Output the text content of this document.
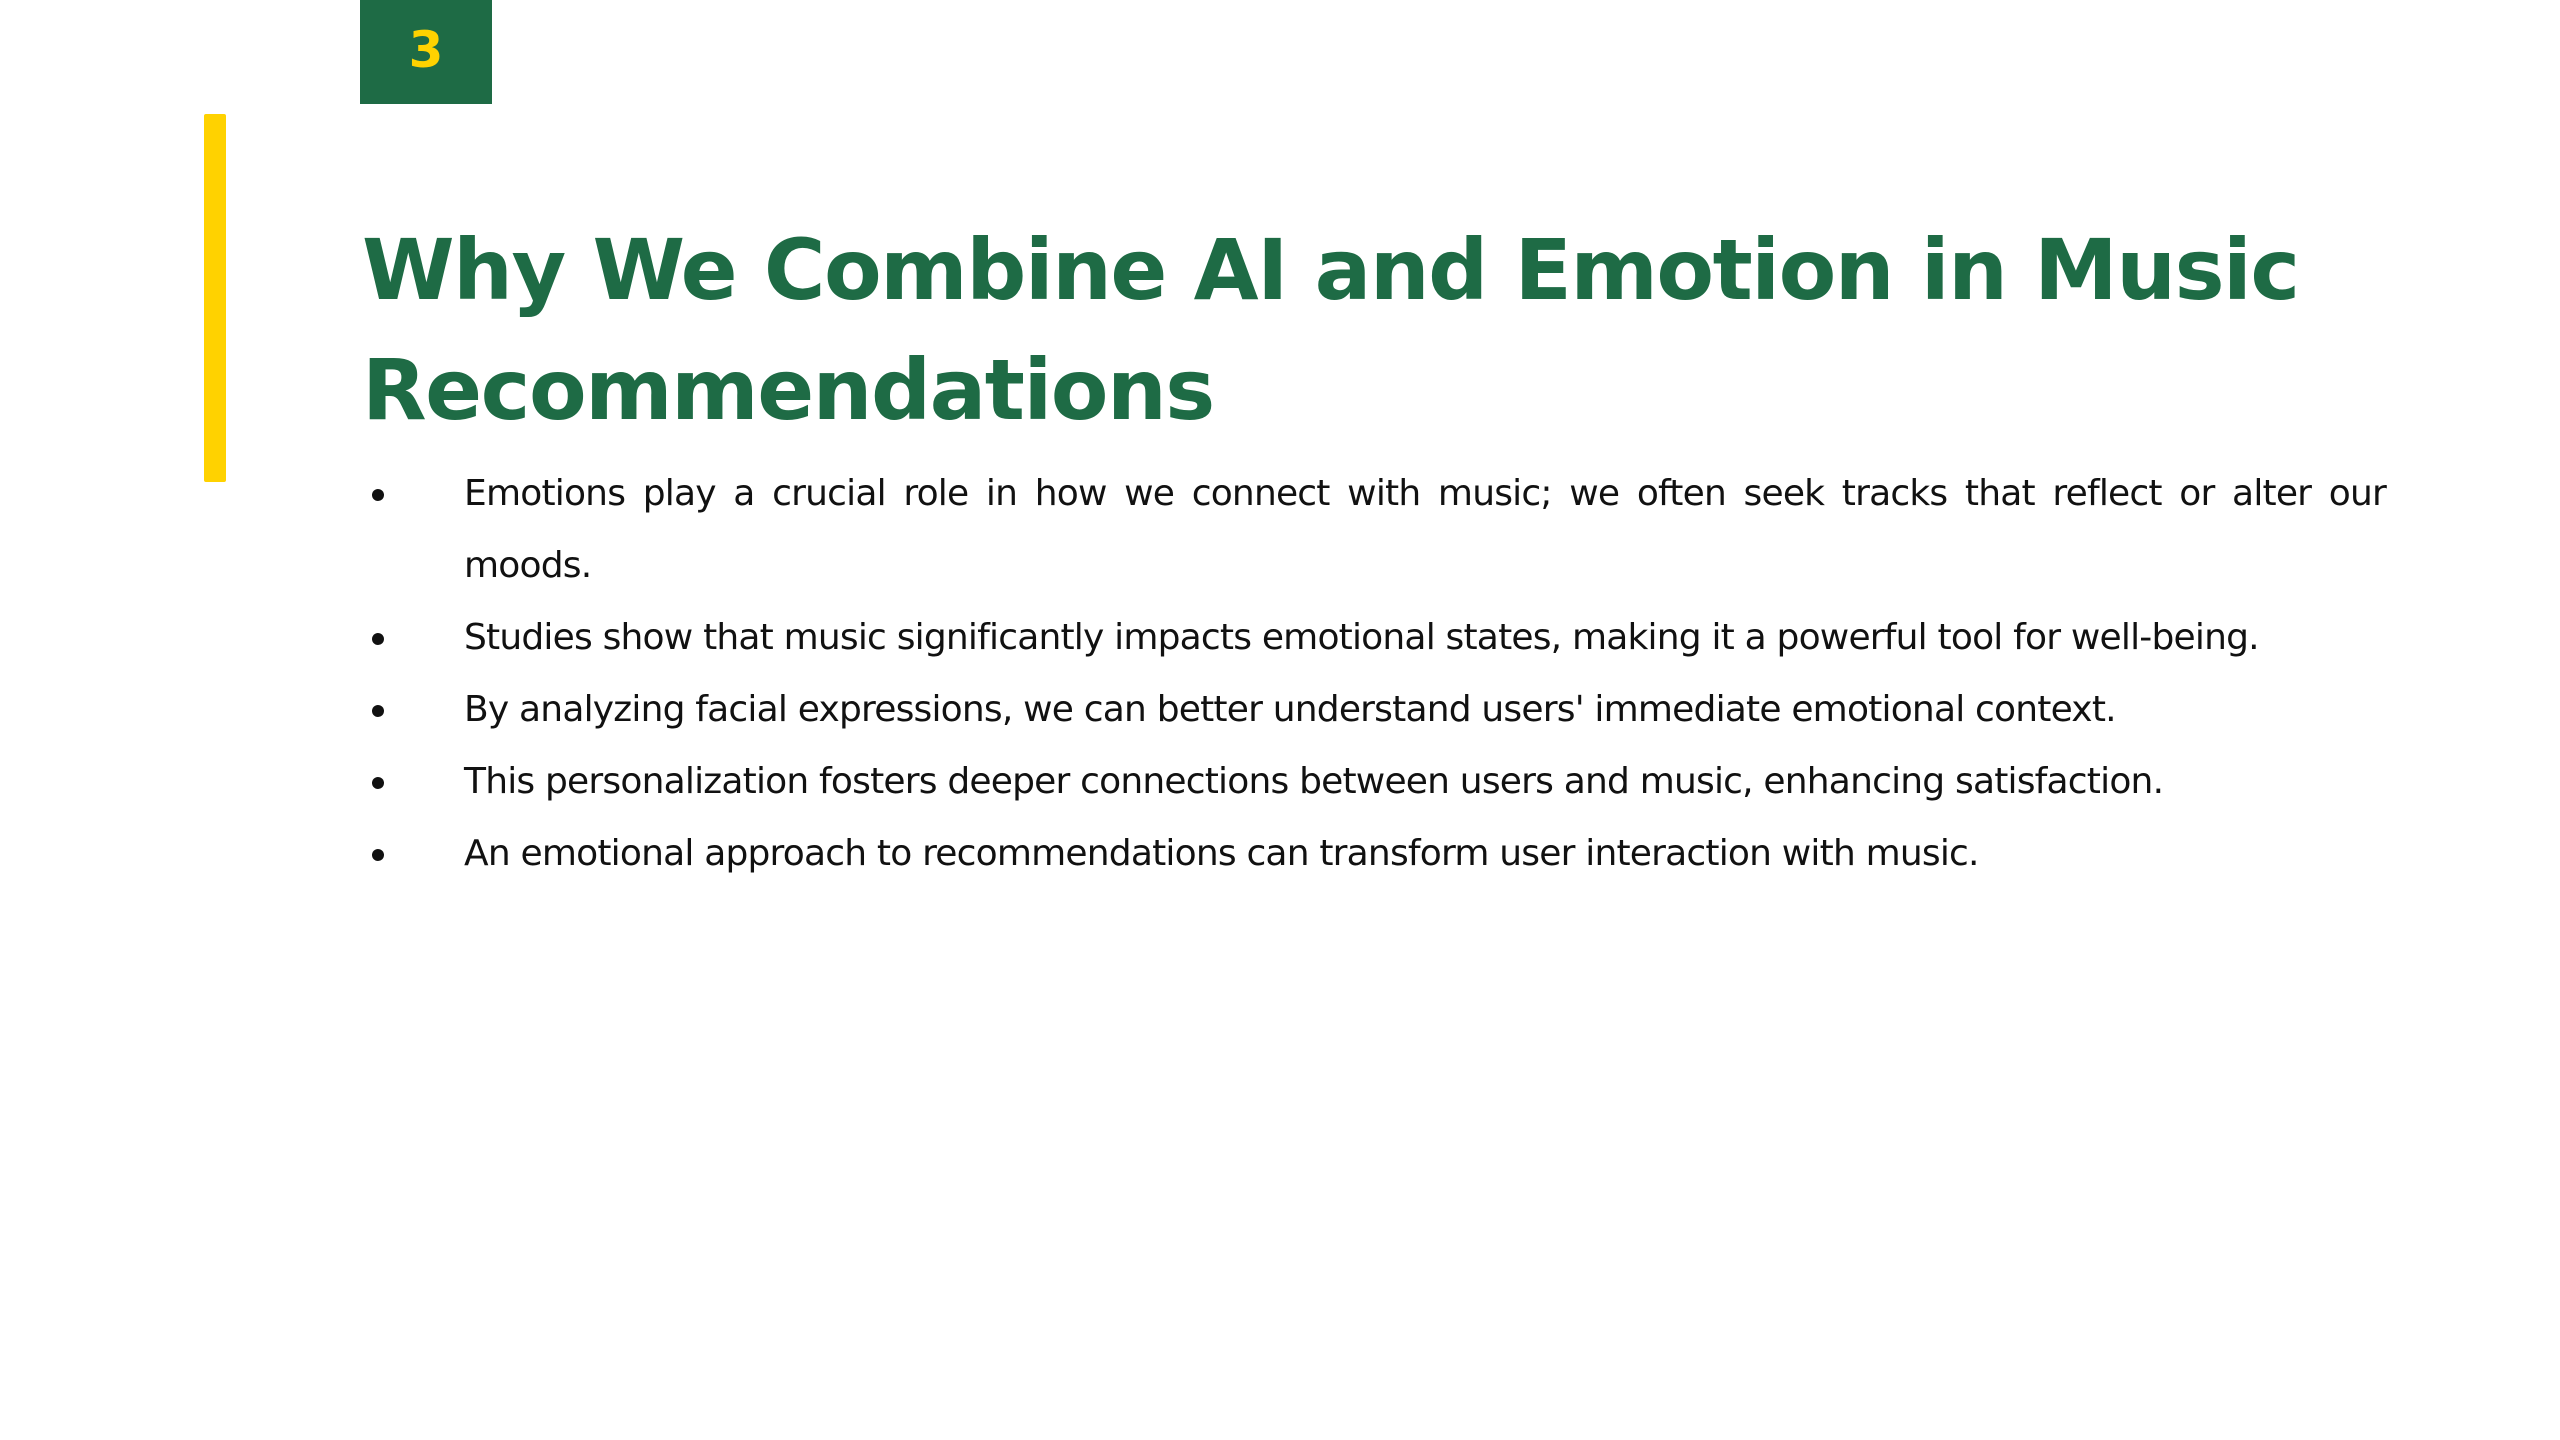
3
Why We Combine AI and Emotion in Music Recommendations
Emotions play a crucial role in how we connect with music; we often seek tracks that reflect or alter our moods.
Studies show that music significantly impacts emotional states, making it a powerful tool for well-being.
By analyzing facial expressions, we can better understand users' immediate emotional context.
This personalization fosters deeper connections between users and music, enhancing satisfaction.
An emotional approach to recommendations can transform user interaction with music.
